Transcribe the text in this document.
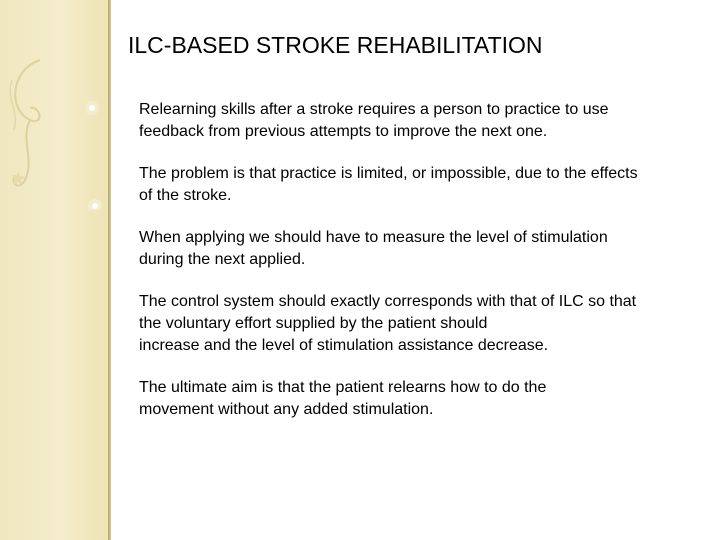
ILC-BASED STROKE REHABILITATION

Relearning skills after a stroke requires a person to practice to use
feedback from previous attempts to improve the next one.

The problem is that practice is limited, or impossible, due to the effects
of the stroke.

When applying we should have to measure the level of stimulation
during the next applied.

The control system should exactly corresponds with that of ILC so that
the voluntary effort supplied by the patient should
increase and the level of stimulation assistance decrease.

The ultimate aim is that the patient relearns how to do the
movement without any added stimulation.
